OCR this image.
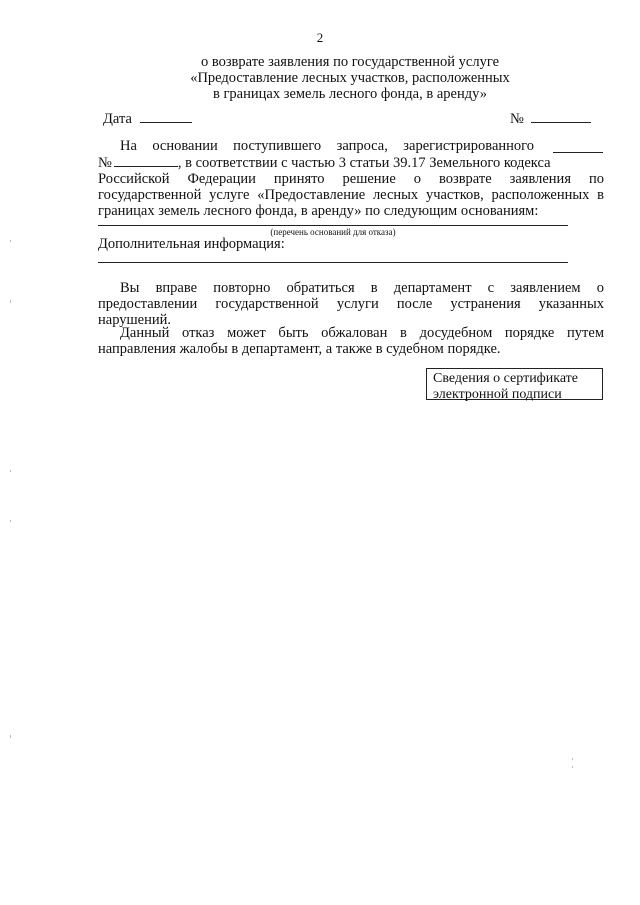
2
о возврате заявления по государственной услуге
«Предоставление лесных участков, расположенных
в границах земель лесного фонда, в аренду»
Дата	№
На основании поступившего запроса, зарегистрированного
№	, в соответствии с частью 3 статьи 39.17 Земельного кодекса
Российской Федерации принято решение о возврате заявления по
государственной услуге «Предоставление лесных участков, расположенных в
границах земель лесного фонда, в аренду» по следующим основаниям:
(перечень оснований для отказа)
Дополнительная информация:
Вы вправе повторно обратиться в департамент с заявлением о
предоставлении государственной услуги после устранения указанных
нарушений.
Данный отказ может быть обжалован в досудебном порядке путем
направления жалобы в департамент, а также в судебном порядке.
Сведения о сертификате
электронной подписи
